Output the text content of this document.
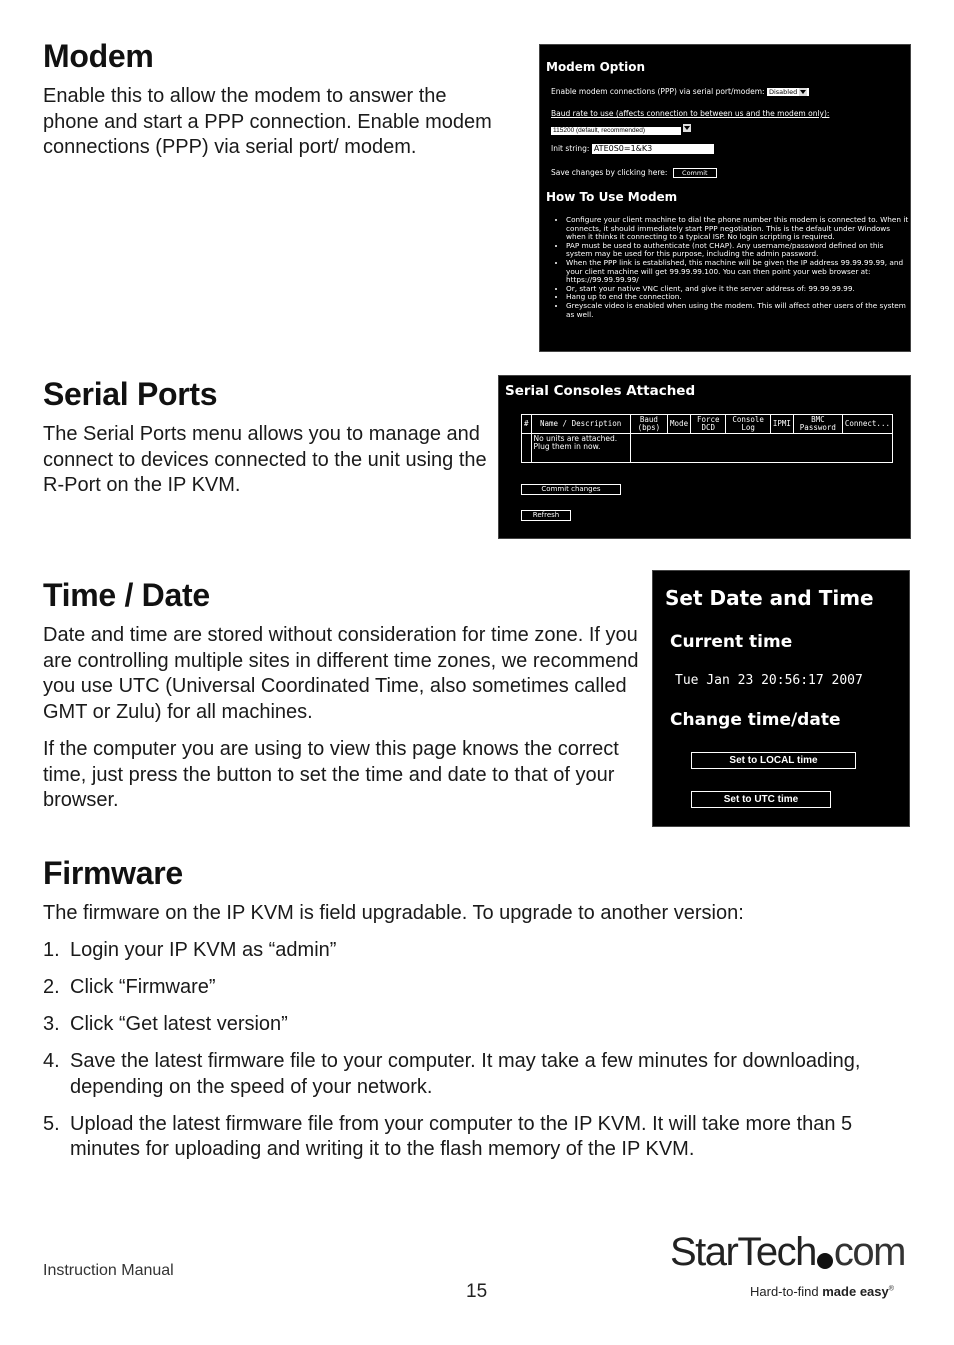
Modem

Enable this to allow the modem to answer the phone and start a PPP connection. Enable modem connections (PPP) via serial port/ modem.

Modem Option
Enable modem connections (PPP) via serial port/modem: Disabled
Baud rate to use (affects connection to between us and the modem only):
115200 (default, recommended)
Init string: ATE0S0=1&K3
Save changes by clicking here: Commit
How To Use Modem
• Configure your client machine to dial the phone number this modem is connected to. When it connects, it should immediately start PPP negotiation. This is the default under Windows when it thinks it connecting to a typical ISP. No login scripting is required.
• PAP must be used to authenticate (not CHAP). Any username/password defined on this system may be used for this purpose, including the admin password.
• When the PPP link is established, this machine will be given the IP address 99.99.99.99, and your client machine will get 99.99.99.100. You can then point your web browser at: https://99.99.99.99/
• Or, start your native VNC client, and give it the server address of: 99.99.99.99.
• Hang up to end the connection.
• Greyscale video is enabled when using the modem. This will affect other users of the system as well.
Serial Ports

The Serial Ports menu allows you to manage and connect to devices connected to the unit using the R-Port on the IP KVM.

Serial Consoles Attached
#	Name / Description	Baud (bps)	Mode	Force DCD	Console Log	IPMI	BMC Password	Connect...
	No units are attached. Plug them in now.							
Commit changes
Refresh
Time / Date

Date and time are stored without consideration for time zone. If you are controlling multiple sites in different time zones, we recommend you use UTC (Universal Coordinated Time, also sometimes called GMT or Zulu) for all machines.

If the computer you are using to view this page knows the correct time, just press the button to set the time and date to that of your browser.

Set Date and Time
Current time
Tue Jan 23 20:56:17 2007
Change time/date
Set to LOCAL time
Set to UTC time
Firmware

The firmware on the IP KVM is field upgradable. To upgrade to another version:

1. Login your IP KVM as “admin”
2. Click “Firmware”
3. Click “Get latest version”
4. Save the latest firmware file to your computer. It may take a few minutes for downloading, depending on the speed of your network.
5. Upload the latest firmware file from your computer to the IP KVM. It will take more than 5 minutes for uploading and writing it to the flash memory of the IP KVM.
Instruction Manual
15
StarTech com
Hard-to-find made easy®
